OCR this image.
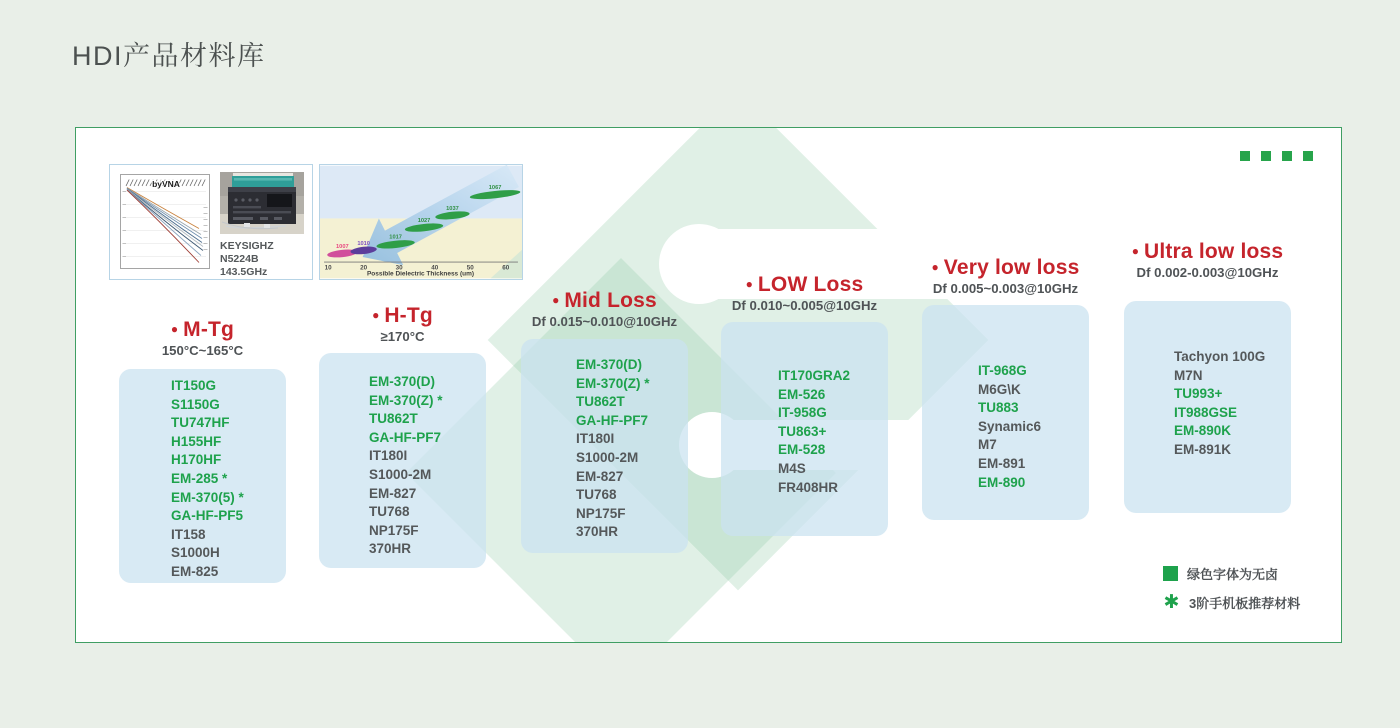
HDI产品材料库
byVNA
KEYSIGHZ N5224B
143.5GHz	10	20	30	40	50	60
1007
1010
1017
1027
1037
1067
Possible Dielectric Thickness (um)
● M-Tg
150°C~165°C
IT150G
S1150G
TU747HF
H155HF
H170HF
EM-285 *
EM-370(5) *
GA-HF-PF5
IT158
S1000H
EM-825
● H-Tg
≥170°C
EM-370(D)
EM-370(Z) *
TU862T
GA-HF-PF7
IT180I
S1000-2M
EM-827
TU768
NP175F
370HR
● Mid Loss
Df 0.015~0.010@10GHz
EM-370(D)
EM-370(Z) *
TU862T
GA-HF-PF7
IT180I
S1000-2M
EM-827
TU768
NP175F
370HR
● LOW Loss
Df 0.010~0.005@10GHz
IT170GRA2
EM-526
IT-958G
TU863+
EM-528
M4S
FR408HR
● Very low loss
Df 0.005~0.003@10GHz
IT-968G
M6G\K
TU883
Synamic6
M7
EM-891
EM-890
● Ultra low loss
Df 0.002-0.003@10GHz
Tachyon 100G
M7N
TU993+
IT988GSE
EM-890K
EM-891K
绿色字体为无卤
✱ 3阶手机板推荐材料
